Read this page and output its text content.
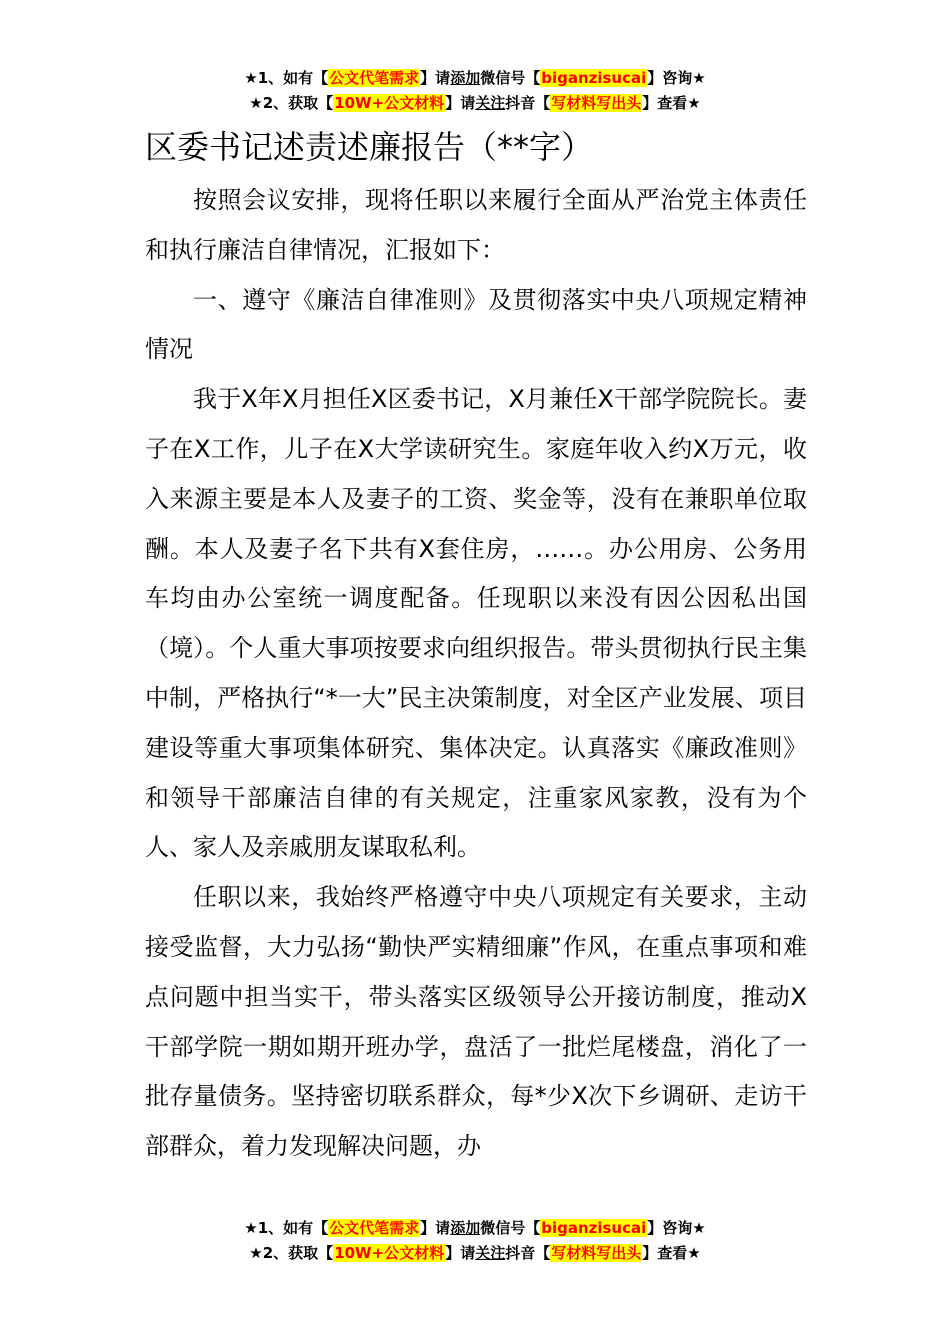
★1、如有【公文代笔需求】请添加微信号【biganzisucai】咨询★
★2、获取【10W+公文材料】请关注抖音【写材料写出头】查看★
区委书记述责述廉报告（**字）

按照会议安排，现将任职以来履行全面从严治党主体责任和执行廉洁自律情况，汇报如下：

一、遵守《廉洁自律准则》及贯彻落实中央八项规定精神情况

我于X年X月担任X区委书记，X月兼任X干部学院院长。妻子在X工作，儿子在X大学读研究生。家庭年收入约X万元，收入来源主要是本人及妻子的工资、奖金等，没有在兼职单位取酬。本人及妻子名下共有X套住房，……。办公用房、公务用车均由办公室统一调度配备。任现职以来没有因公因私出国（境）。个人重大事项按要求向组织报告。带头贯彻执行民主集中制，严格执行“*一大”民主决策制度，对全区产业发展、项目建设等重大事项集体研究、集体决定。认真落实《廉政准则》和领导干部廉洁自律的有关规定，注重家风家教，没有为个人、家人及亲戚朋友谋取私利。

任职以来，我始终严格遵守中央八项规定有关要求，主动接受监督，大力弘扬“勤快严实精细廉”作风，在重点事项和难点问题中担当实干，带头落实区级领导公开接访制度，推动X干部学院一期如期开班办学，盘活了一批烂尾楼盘，消化了一批存量债务。坚持密切联系群众，每*少X次下乡调研、走访干部群众，着力发现解决问题，办

★1、如有【公文代笔需求】请添加微信号【biganzisucai】咨询★
★2、获取【10W+公文材料】请关注抖音【写材料写出头】查看★
